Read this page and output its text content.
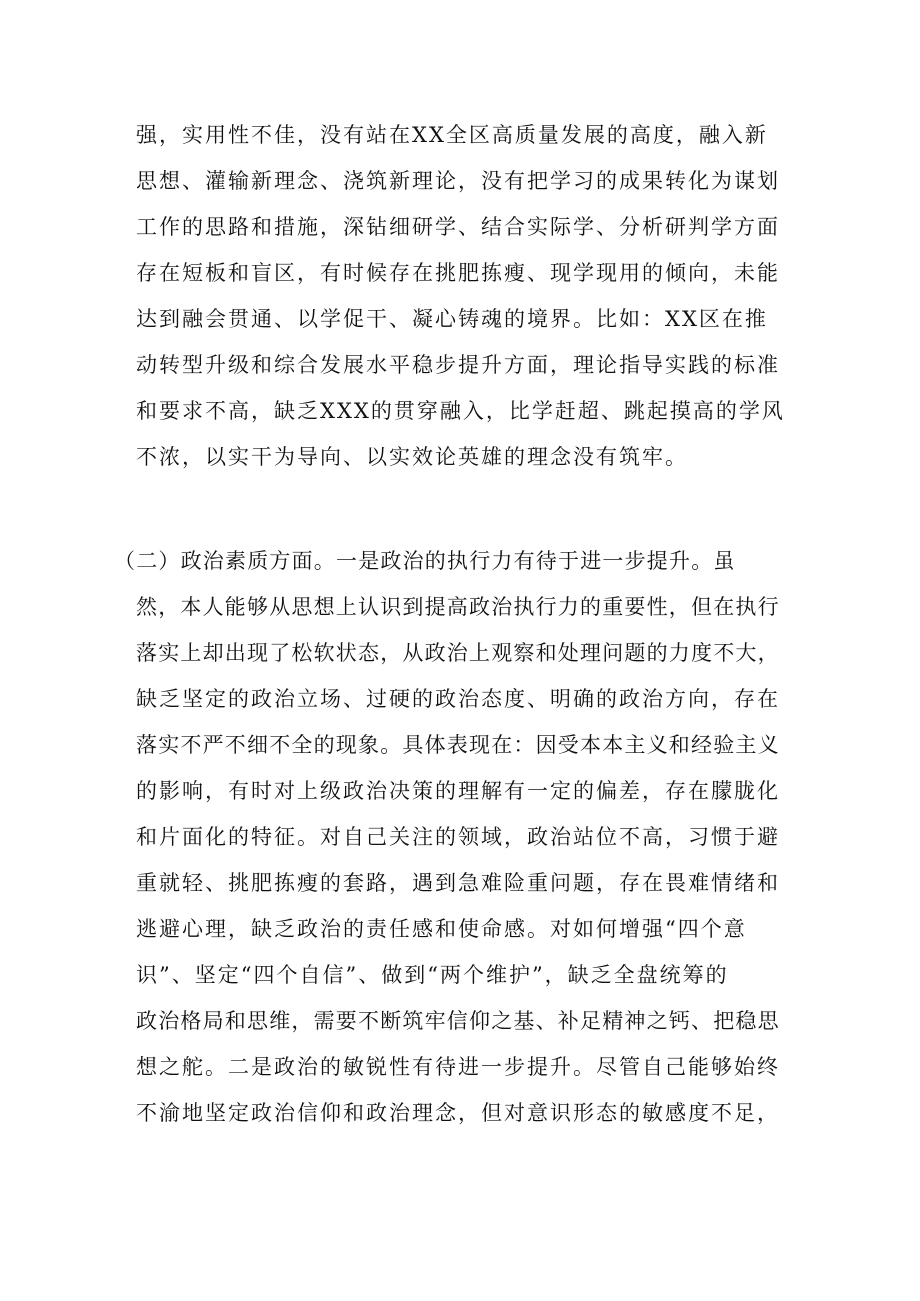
强，实用性不佳，没有站在XX全区高质量发展的高度，融入新
思想、灌输新理念、浇筑新理论，没有把学习的成果转化为谋划
工作的思路和措施，深钻细研学、结合实际学、分析研判学方面
存在短板和盲区，有时候存在挑肥拣瘦、现学现用的倾向，未能
达到融会贯通、以学促干、凝心铸魂的境界。比如：XX区在推
动转型升级和综合发展水平稳步提升方面，理论指导实践的标准
和要求不高，缺乏XXX的贯穿融入，比学赶超、跳起摸高的学风
不浓，以实干为导向、以实效论英雄的理念没有筑牢。
（二）政治素质方面。一是政治的执行力有待于进一步提升。虽
然，本人能够从思想上认识到提高政治执行力的重要性，但在执行
落实上却出现了松软状态，从政治上观察和处理问题的力度不大，
缺乏坚定的政治立场、过硬的政治态度、明确的政治方向，存在
落实不严不细不全的现象。具体表现在：因受本本主义和经验主义
的影响，有时对上级政治决策的理解有一定的偏差，存在朦胧化
和片面化的特征。对自己关注的领域，政治站位不高，习惯于避
重就轻、挑肥拣瘦的套路，遇到急难险重问题，存在畏难情绪和
逃避心理，缺乏政治的责任感和使命感。对如何增强“四个意
识”、坚定“四个自信”、做到“两个维护”，缺乏全盘统筹的
政治格局和思维，需要不断筑牢信仰之基、补足精神之钙、把稳思
想之舵。二是政治的敏锐性有待进一步提升。尽管自己能够始终
不渝地坚定政治信仰和政治理念，但对意识形态的敏感度不足，
